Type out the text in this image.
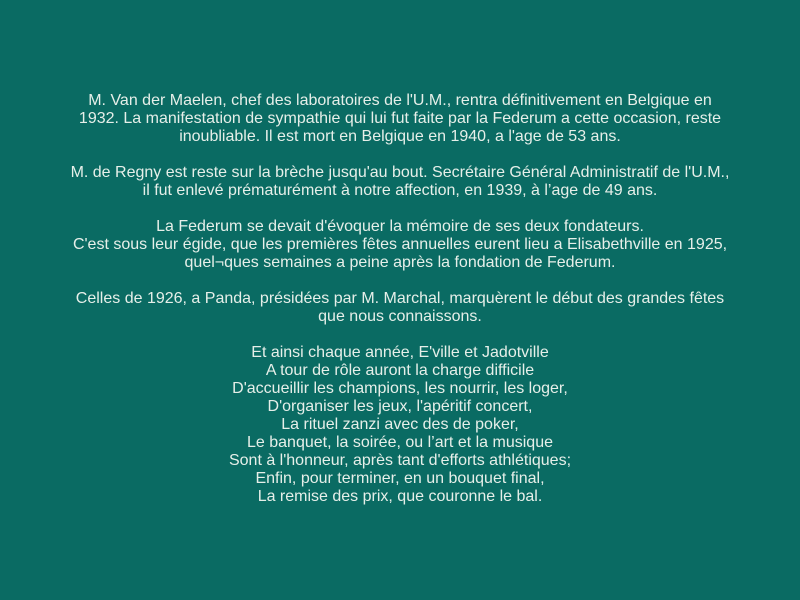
M. Van der Maelen, chef des laboratoires de l'U.M., rentra définitivement en Belgique en
1932. La manifestation de sympathie qui lui fut faite par la Federum a cette occasion, reste
inoubliable. Il est mort en Belgique en 1940, a l'age de 53 ans.

M. de Regny est reste sur la brèche jusqu'au bout. Secrétaire Général Administratif de l'U.M.,
il fut enlevé prématurément à notre affection, en 1939, à l’age de 49 ans.

La Federum se devait d'évoquer la mémoire de ses deux fondateurs.
C'est sous leur égide, que les premières fêtes annuelles eurent lieu a Elisabethville en 1925,
quel¬ques semaines a peine après la fondation de Federum.

Celles de 1926, a Panda, présidées par M. Marchal, marquèrent le début des grandes fêtes
que nous connaissons.

Et ainsi chaque année, E'ville et Jadotville
A tour de rôle auront la charge difficile
D'accueillir les champions, les nourrir, les loger,
D'organiser les jeux, l'apéritif concert,
La rituel zanzi avec des de poker,
Le banquet, la soirée, ou l’art et la musique
Sont à l'honneur, après tant d'efforts athlétiques;
Enfin, pour terminer, en un bouquet final,
La remise des prix, que couronne le bal.
